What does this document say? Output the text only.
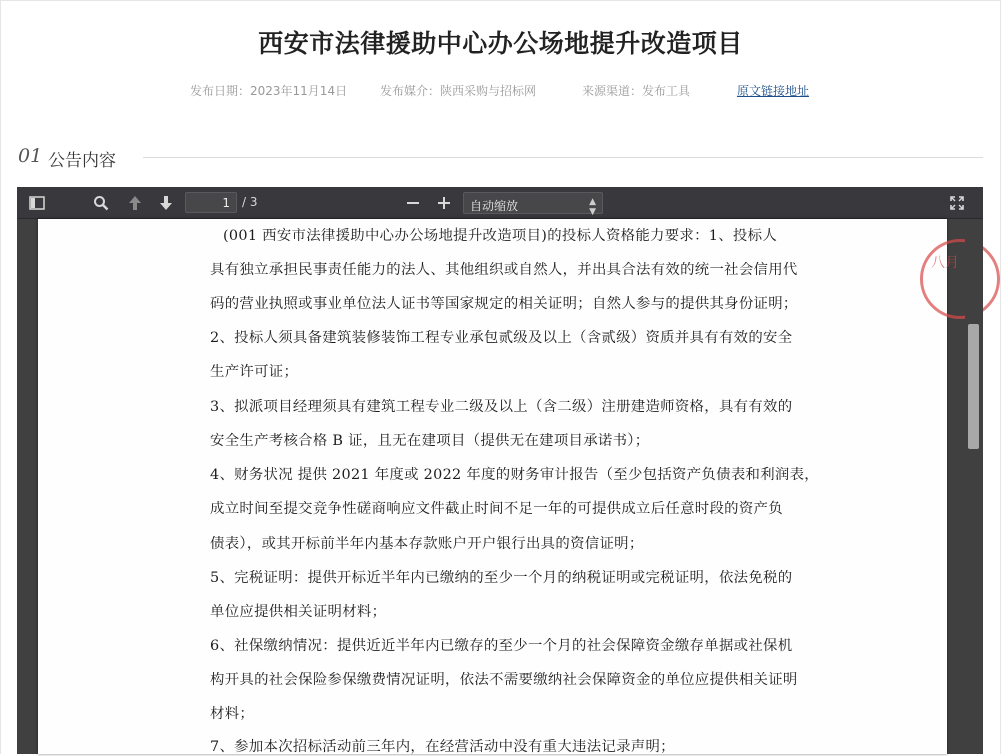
西安市法律援助中心办公场地提升改造项目
发布日期：2023年11月14日	发布媒介：陕西采购与招标网	来源渠道：发布工具	原文链接地址
01 公告内容
1	/ 3	自动缩放	▲
▼
八月
(001 西安市法律援助中心办公场地提升改造项目)的投标人资格能力要求：1、投标人
具有独立承担民事责任能力的法人、其他组织或自然人，并出具合法有效的统一社会信用代
码的营业执照或事业单位法人证书等国家规定的相关证明；自然人参与的提供其身份证明；
2、投标人须具备建筑装修装饰工程专业承包贰级及以上（含贰级）资质并具有有效的安全
生产许可证；
3、拟派项目经理须具有建筑工程专业二级及以上（含二级）注册建造师资格，具有有效的
安全生产考核合格 B 证，且无在建项目（提供无在建项目承诺书）；
4、财务状况 提供 2021 年度或 2022 年度的财务审计报告（至少包括资产负债表和利润表，
成立时间至提交竞争性磋商响应文件截止时间不足一年的可提供成立后任意时段的资产负
债表），或其开标前半年内基本存款账户开户银行出具的资信证明；
5、完税证明：提供开标近半年内已缴纳的至少一个月的纳税证明或完税证明，依法免税的
单位应提供相关证明材料；
6、社保缴纳情况：提供近近半年内已缴存的至少一个月的社会保障资金缴存单据或社保机
构开具的社会保险参保缴费情况证明，依法不需要缴纳社会保障资金的单位应提供相关证明
材料；
7、参加本次招标活动前三年内，在经营活动中没有重大违法记录声明；
